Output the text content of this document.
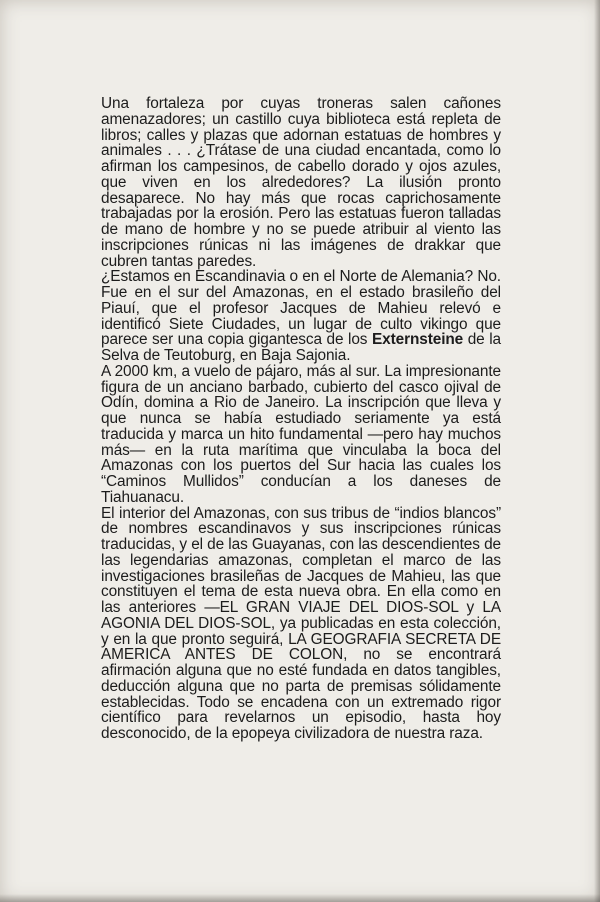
Una fortaleza por cuyas troneras salen cañones amenazadores; un castillo cuya biblioteca está repleta de libros; calles y plazas que adornan estatuas de hombres y animales . . . ¿Trátase de una ciudad encantada, como lo afirman los campesinos, de cabello dorado y ojos azules, que viven en los alrededores? La ilusión pronto desaparece. No hay más que rocas caprichosamente trabajadas por la erosión. Pero las estatuas fueron talladas de mano de hombre y no se puede atribuir al viento las inscripciones rúnicas ni las imágenes de drakkar que cubren tantas paredes.

¿Estamos en Escandinavia o en el Norte de Alemania? No. Fue en el sur del Amazonas, en el estado brasileño del Piauí, que el profesor Jacques de Mahieu relevó e identificó Siete Ciudades, un lugar de culto vikingo que parece ser una copia gigantesca de los Externsteine de la Selva de Teutoburg, en Baja Sajonia.

A 2000 km, a vuelo de pájaro, más al sur. La impresionante figura de un anciano barbado, cubierto del casco ojival de Odín, domina a Rio de Janeiro. La inscripción que lleva y que nunca se había estudiado seriamente ya está traducida y marca un hito fundamental —pero hay muchos más— en la ruta marítima que vinculaba la boca del Amazonas con los puertos del Sur hacia las cuales los “Caminos Mullidos” conducían a los daneses de Tiahuanacu.

El interior del Amazonas, con sus tribus de “indios blancos” de nombres escandinavos y sus inscripciones rúnicas traducidas, y el de las Guayanas, con las descendientes de las legendarias amazonas, completan el marco de las investigaciones brasileñas de Jacques de Mahieu, las que constituyen el tema de esta nueva obra. En ella como en las anteriores —EL GRAN VIAJE DEL DIOS-SOL y LA AGONIA DEL DIOS-SOL, ya publicadas en esta colección, y en la que pronto seguirá, LA GEOGRAFIA SECRETA DE AMERICA ANTES DE COLON, no se encontrará afirmación alguna que no esté fundada en datos tangibles, deducción alguna que no parta de premisas sólidamente establecidas. Todo se encadena con un extremado rigor científico para revelarnos un episodio, hasta hoy desconocido, de la epopeya civilizadora de nuestra raza.
